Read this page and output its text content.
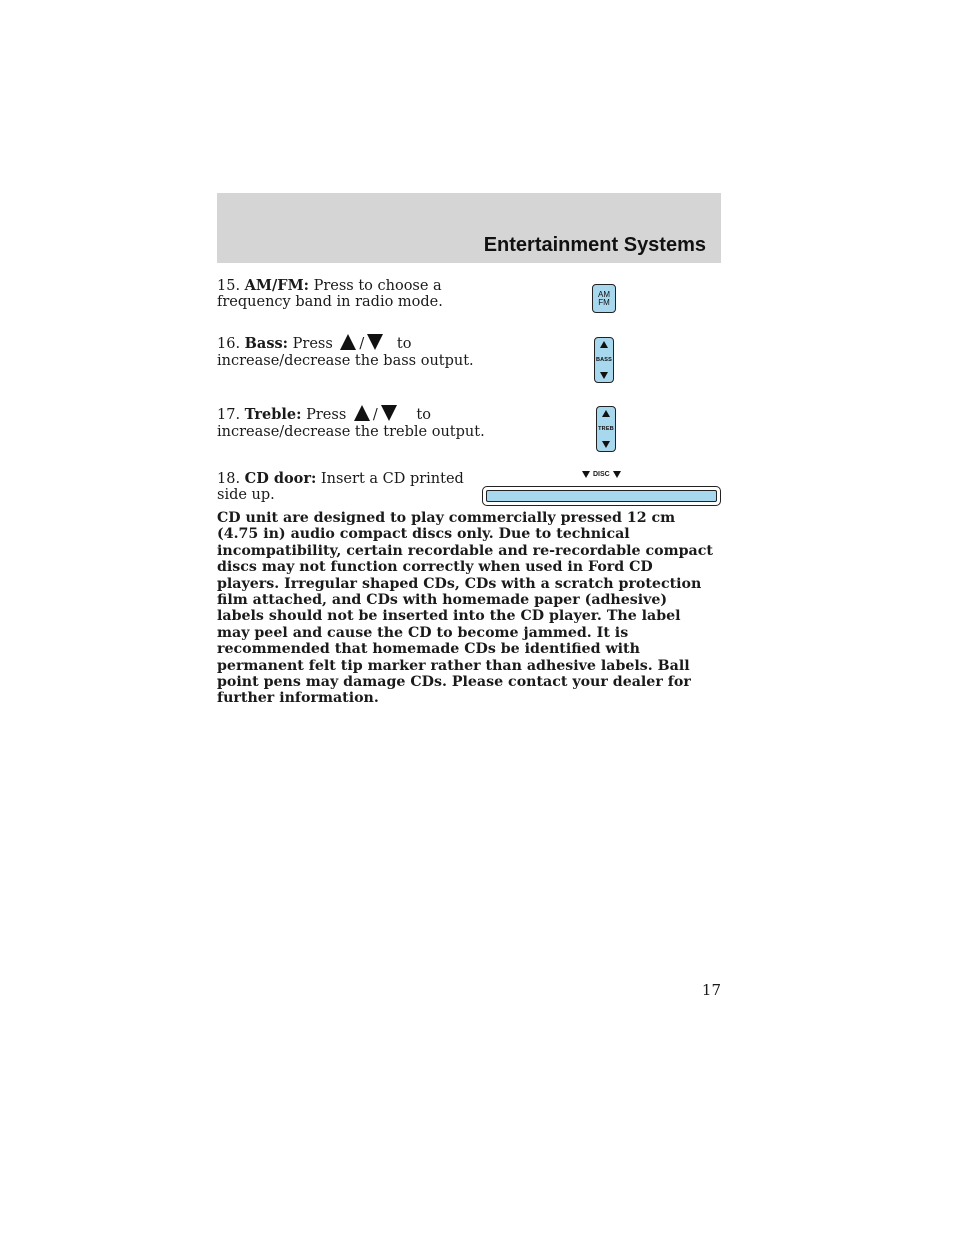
Entertainment Systems
15. AM/FM: Press to choose a
frequency band in radio mode.	AM
FM
16. Bass: Press / to
increase/decrease the bass output.	BASS
17. Treble: Press /	to
increase/decrease the treble output.	TREB
18. CD door: Insert a CD printed
side up.
DISC

CD unit are designed to play commercially pressed 12 cm (4.75 in) audio compact discs only. Due to technical incompatibility, certain recordable and re-recordable compact discs may not function correctly when used in Ford CD players. Irregular shaped CDs, CDs with a scratch protection film attached, and CDs with homemade paper (adhesive) labels should not be inserted into the CD player. The label may peel and cause the CD to become jammed. It is recommended that homemade CDs be identified with permanent felt tip marker rather than adhesive labels. Ball point pens may damage CDs. Please contact your dealer for further information.

17
